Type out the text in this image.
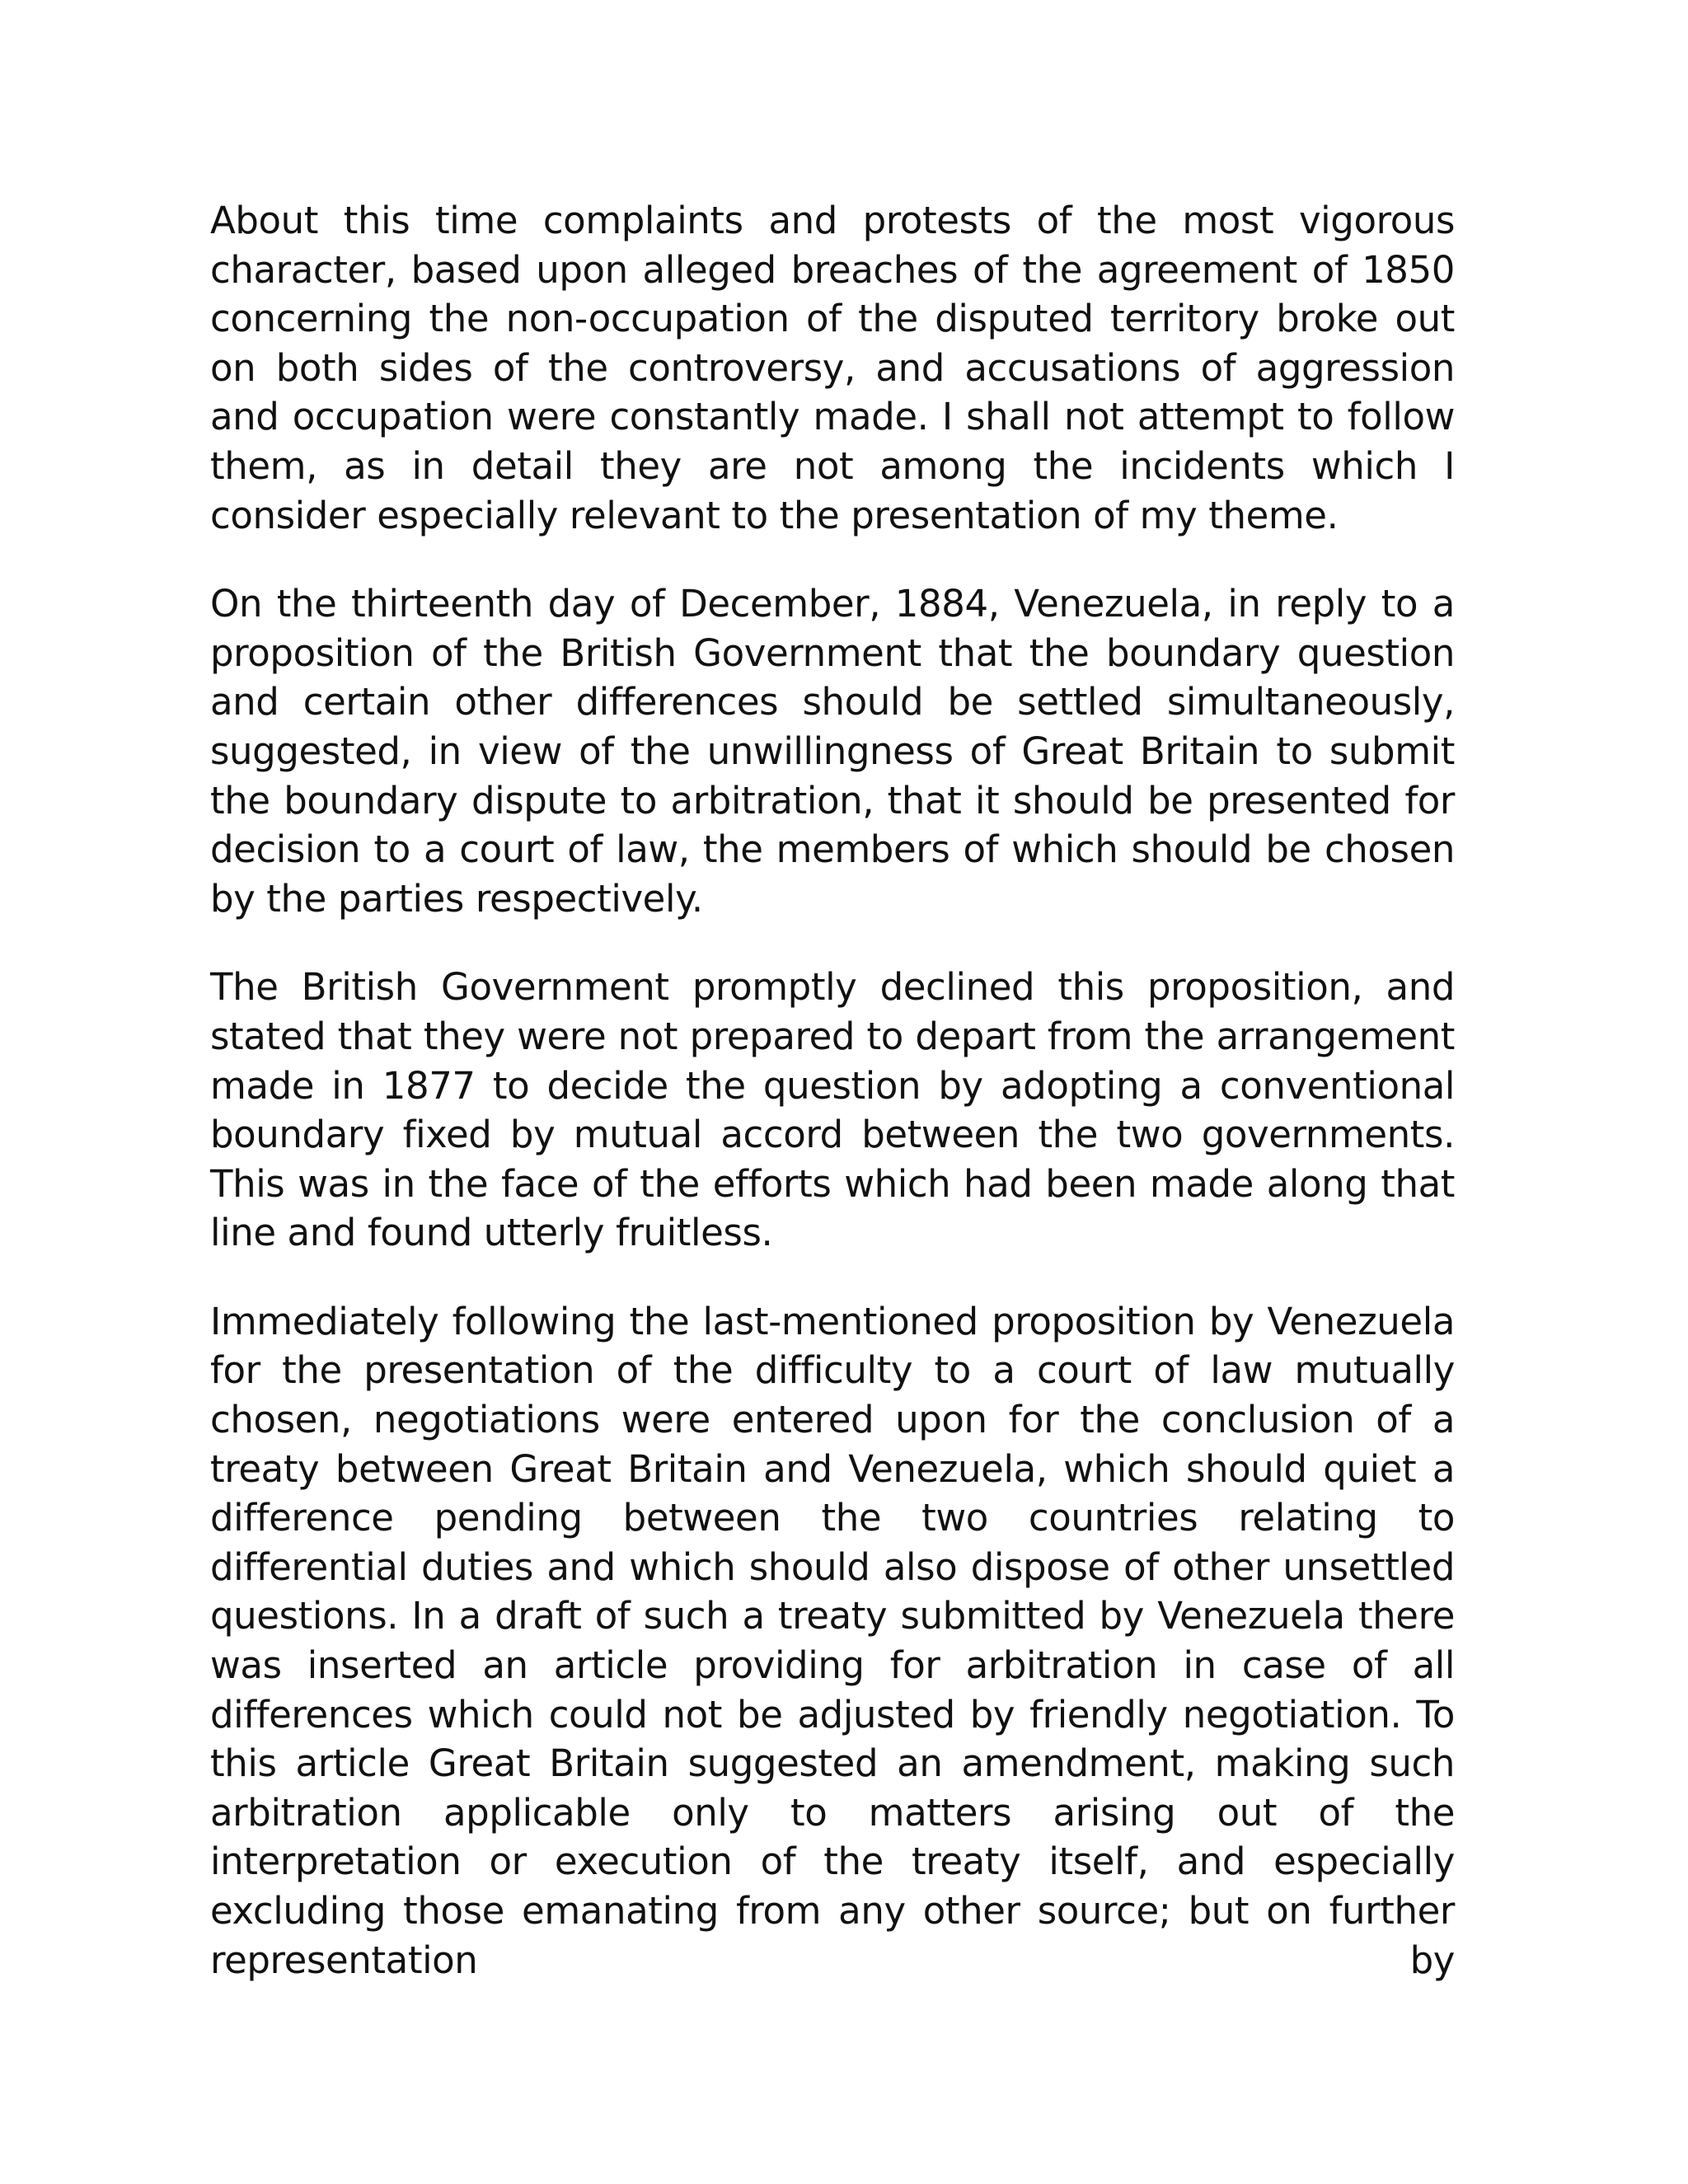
About this time complaints and protests of the most vigorous character, based upon alleged breaches of the agreement of 1850 concerning the non-occupation of the disputed territory broke out on both sides of the controversy, and accusations of aggression and occupation were constantly made. I shall not attempt to follow them, as in detail they are not among the incidents which I consider especially relevant to the presentation of my theme.

On the thirteenth day of December, 1884, Venezuela, in reply to a proposition of the British Government that the boundary question and certain other differences should be settled simultaneously, suggested, in view of the unwillingness of Great Britain to submit the boundary dispute to arbitration, that it should be presented for decision to a court of law, the members of which should be chosen by the parties respectively.

The British Government promptly declined this proposition, and stated that they were not prepared to depart from the arrangement made in 1877 to decide the question by adopting a conventional boundary fixed by mutual accord between the two governments. This was in the face of the efforts which had been made along that line and found utterly fruitless.

Immediately following the last-mentioned proposition by Venezuela for the presentation of the difficulty to a court of law mutually chosen, negotiations were entered upon for the conclusion of a treaty between Great Britain and Venezuela, which should quiet a difference pending between the two countries relating to differential duties and which should also dispose of other unsettled questions. In a draft of such a treaty submitted by Venezuela there was inserted an article providing for arbitration in case of all differences which could not be adjusted by friendly negotiation. To this article Great Britain suggested an amendment, making such arbitration applicable only to matters arising out of the interpretation or execution of the treaty itself, and especially excluding those emanating from any other source; but on further representation by
